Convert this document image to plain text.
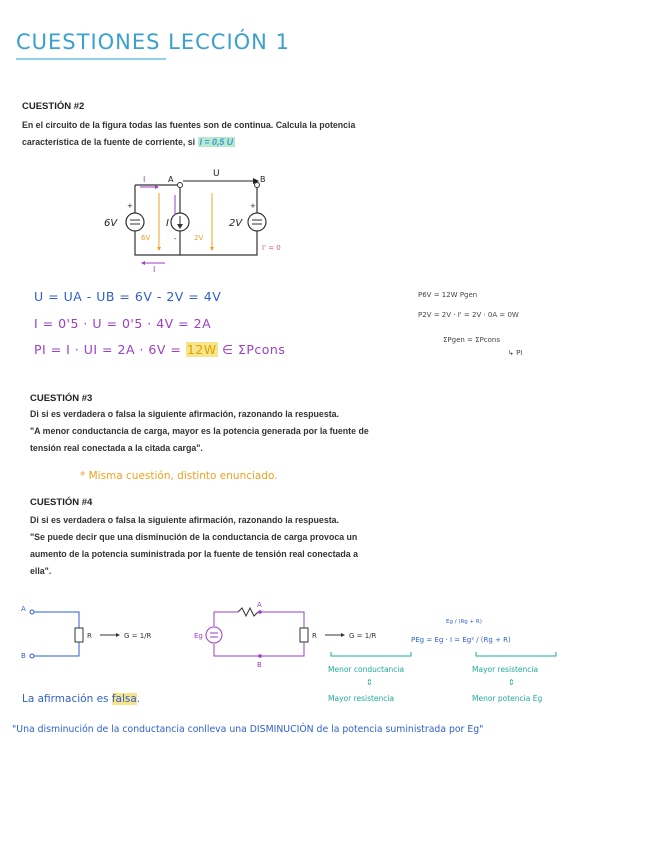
CUESTIONES LECCIÓN 1
CUESTIÓN #2
En el circuito de la figura todas las fuentes son de continua. Calcula la potencia característica de la fuente de corriente, si I = 0,5 U
I	A
U
B
6V	I	2V
6V	2V
I' = 0
I
+	+
-
U = UA - UB = 6V - 2V = 4V
I = 0'5 · U = 0'5 · 4V = 2A
PI = I · UI = 2A · 6V = 12W ∈ ΣPcons
P6V = 12W Pgen
P2V = 2V · I' = 2V · 0A = 0W
ΣPgen = ΣPcons
↳ PI
CUESTIÓN #3
Di si es verdadera o falsa la siguiente afirmación, razonando la respuesta.
"A menor conductancia de carga, mayor es la potencia generada por la fuente de tensión real conectada a la citada carga".
* Misma cuestión, distinto enunciado.
CUESTIÓN #4
Di si es verdadera o falsa la siguiente afirmación, razonando la respuesta.
"Se puede decir que una disminución de la conductancia de carga provoca un aumento de la potencia suministrada por la fuente de tensión real conectada a ella".
A
B
R	G = 1/R	Eg
A
B
R	G = 1/R
Eg / (Rg + R)
PEg = Eg · I = Eg² / (Rg + R)
Menor conductancia
⇕
Mayor resistencia
Mayor resistencia
⇕
Menor potencia Eg
La afirmación es falsa.
"Una disminución de la conductancia conlleva una DISMINUCIÓN de la potencia suministrada por Eg"
